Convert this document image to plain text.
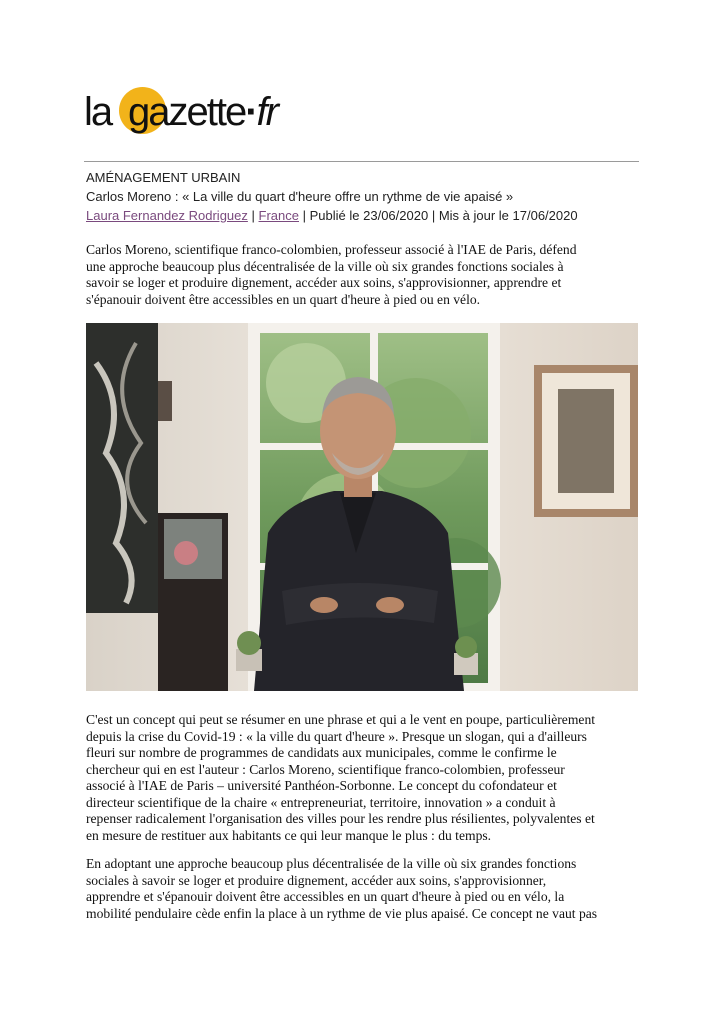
la gazette·fr
AMÉNAGEMENT URBAIN
Carlos Moreno : « La ville du quart d'heure offre un rythme de vie apaisé »
Laura Fernandez Rodriguez | France | Publié le 23/06/2020 | Mis à jour le 17/06/2020
Carlos Moreno, scientifique franco-colombien, professeur associé à l'IAE de Paris, défend
une approche beaucoup plus décentralisée de la ville où six grandes fonctions sociales à
savoir se loger et produire dignement, accéder aux soins, s'approvisionner, apprendre et
s'épanouir doivent être accessibles en un quart d'heure à pied ou en vélo.
C'est un concept qui peut se résumer en une phrase et qui a le vent en poupe, particulièrement
depuis la crise du Covid-19 : « la ville du quart d'heure ». Presque un slogan, qui a d'ailleurs
fleuri sur nombre de programmes de candidats aux municipales, comme le confirme le
chercheur qui en est l'auteur : Carlos Moreno, scientifique franco-colombien, professeur
associé à l'IAE de Paris – université Panthéon-Sorbonne. Le concept du cofondateur et
directeur scientifique de la chaire « entrepreneuriat, territoire, innovation » a conduit à
repenser radicalement l'organisation des villes pour les rendre plus résilientes, polyvalentes et
en mesure de restituer aux habitants ce qui leur manque le plus : du temps.
En adoptant une approche beaucoup plus décentralisée de la ville où six grandes fonctions
sociales à savoir se loger et produire dignement, accéder aux soins, s'approvisionner,
apprendre et s'épanouir doivent être accessibles en un quart d'heure à pied ou en vélo, la
mobilité pendulaire cède enfin la place à un rythme de vie plus apaisé. Ce concept ne vaut pas
